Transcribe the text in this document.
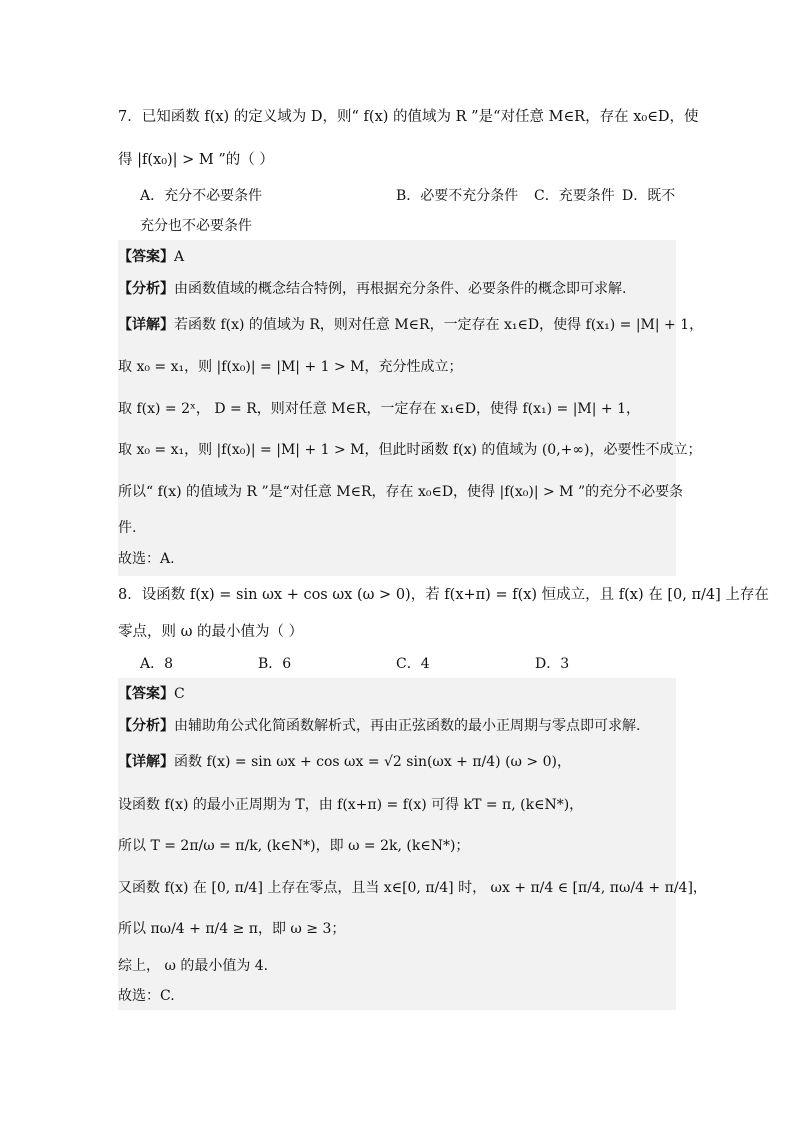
7．已知函数 f(x) 的定义域为 D，则“ f(x) 的值域为 R ”是“对任意 M∈R，存在 x₀∈D，使
得 |f(x₀)| > M ”的（ ）
A．充分不必要条件	B．必要不充分条件 C．充要条件 D．既不
充分也不必要条件
【答案】A
【分析】由函数值域的概念结合特例，再根据充分条件、必要条件的概念即可求解.
【详解】若函数 f(x) 的值域为 R，则对任意 M∈R，一定存在 x₁∈D，使得 f(x₁) = |M| + 1，
取 x₀ = x₁，则 |f(x₀)| = |M| + 1 > M，充分性成立；
取 f(x) = 2ˣ， D = R，则对任意 M∈R，一定存在 x₁∈D，使得 f(x₁) = |M| + 1，
取 x₀ = x₁，则 |f(x₀)| = |M| + 1 > M，但此时函数 f(x) 的值域为 (0,+∞)，必要性不成立；
所以“ f(x) 的值域为 R ”是“对任意 M∈R，存在 x₀∈D，使得 |f(x₀)| > M ”的充分不必要条
件.
故选：A.
8．设函数 f(x) = sin ωx + cos ωx (ω > 0)，若 f(x+π) = f(x) 恒成立，且 f(x) 在 [0, π/4] 上存在
零点，则 ω 的最小值为（ ）
A．8	B．6	C．4	D．3
【答案】C
【分析】由辅助角公式化简函数解析式，再由正弦函数的最小正周期与零点即可求解.
【详解】函数 f(x) = sin ωx + cos ωx = √2 sin(ωx + π/4) (ω > 0)，
设函数 f(x) 的最小正周期为 T，由 f(x+π) = f(x) 可得 kT = π, (k∈N*)，
所以 T = 2π/ω = π/k, (k∈N*)，即 ω = 2k, (k∈N*)；
又函数 f(x) 在 [0, π/4] 上存在零点，且当 x∈[0, π/4] 时， ωx + π/4 ∈ [π/4, πω/4 + π/4]，
所以 πω/4 + π/4 ≥ π，即 ω ≥ 3；
综上， ω 的最小值为 4.
故选：C.
